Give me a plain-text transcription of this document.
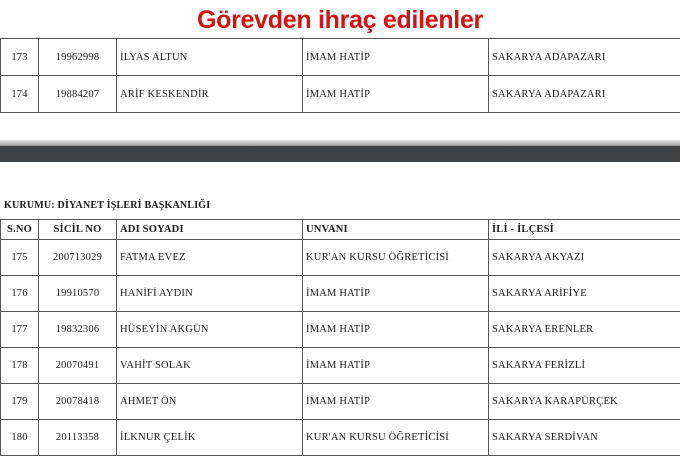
Görevden ihraç edilenler
173	19962998	İLYAS ALTUN	İMAM HATİP	SAKARYA ADAPAZARI
174	19884207	ARİF KESKENDİR	İMAM HATİP	SAKARYA ADAPAZARI
KURUMU: DİYANET İŞLERİ BAŞKANLIĞI
S.NO	SİCİL NO	ADI SOYADI	UNVANI	İLİ - İLÇESİ
175	200713029	FATMA EVEZ	KUR'AN KURSU ÖĞRETİCİSİ	SAKARYA AKYAZI
176	19910570	HANİFİ AYDIN	İMAM HATİP	SAKARYA ARİFİYE
177	19832306	HÜSEYİN AKGÜN	İMAM HATİP	SAKARYA ERENLER
178	20070491	VAHİT SOLAK	İMAM HATİP	SAKARYA FERİZLİ
179	20078418	AHMET ÖN	İMAM HATİP	SAKARYA KARAPÜRÇEK
180	20113358	İLKNUR ÇELİK	KUR'AN KURSU ÖĞRETİCİSİ	SAKARYA SERDİVAN
